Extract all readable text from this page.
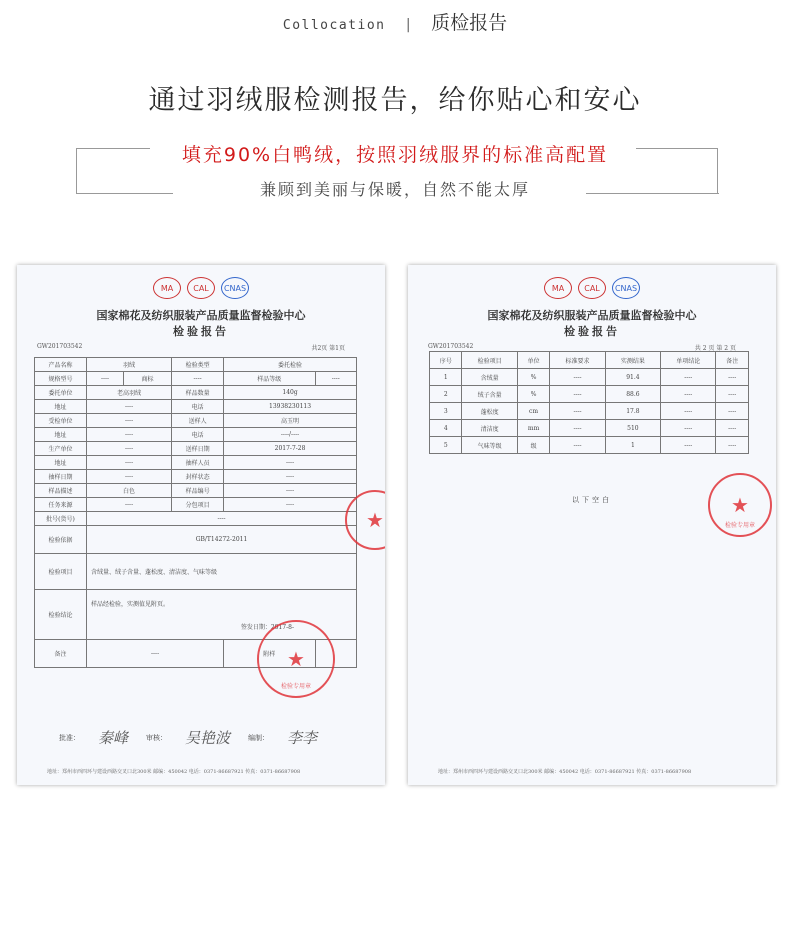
Collocation | 质检报告
通过羽绒服检测报告，给你贴心和安心
填充90%白鸭绒，按照羽绒服界的标准高配置
兼顾到美丽与保暖，自然不能太厚
MA	CAL	CNAS
国家棉花及纺织服装产品质量监督检验中心
检验报告
GW201703542	共2页 第1页
产品名称	羽绒		检验类型	委托检验	
规格型号	----	商标	----	样品等级	----
委托单位	老高羽绒		样品数量	140g	
地址	----		电话	13938230113	
受检单位	----		送样人	高玉明	
地址	----		电话	----/----	
生产单位	----		送样日期	2017-7-28	
地址	----		抽样人员	----	
抽样日期	----		封样状态	----	
样品描述	白色		样品编号	----	
任务来源	----		分包项目	----	
批号(货号)	----				
检验依据	GB/T14272-2011				
检验项目	含绒量、绒子含量、蓬松度、清洁度、气味等级				
检验结论	样品经检验，实测值见附页。
签发日期：2017-8-				

备注	----			附样	★
检验专用章
★
批准： 秦峰	审核： 吴艳波	编制： 李李
地址：郑州市西四环与建设西路交叉口北300米 邮编：450042 电话：0371-86687921 传真：0371-86687908
MA	CAL	CNAS
国家棉花及纺织服装产品质量监督检验中心
检验报告
GW201703542	共 2 页 第 2 页
序号	检验项目	单位	标准要求	实测结果	单项结论	备注
1	含绒量	%	----	91.4	----	----
2	绒子含量	%	----	88.6	----	----
3	蓬松度	cm	----	17.8	----	----
4	清洁度	mm	----	510	----	----
5	气味等级	级	----	1	----	----
以下空白	★
检验专用章
地址：郑州市西四环与建设西路交叉口北300米 邮编：450042 电话：0371-86687921 传真：0371-86687908
